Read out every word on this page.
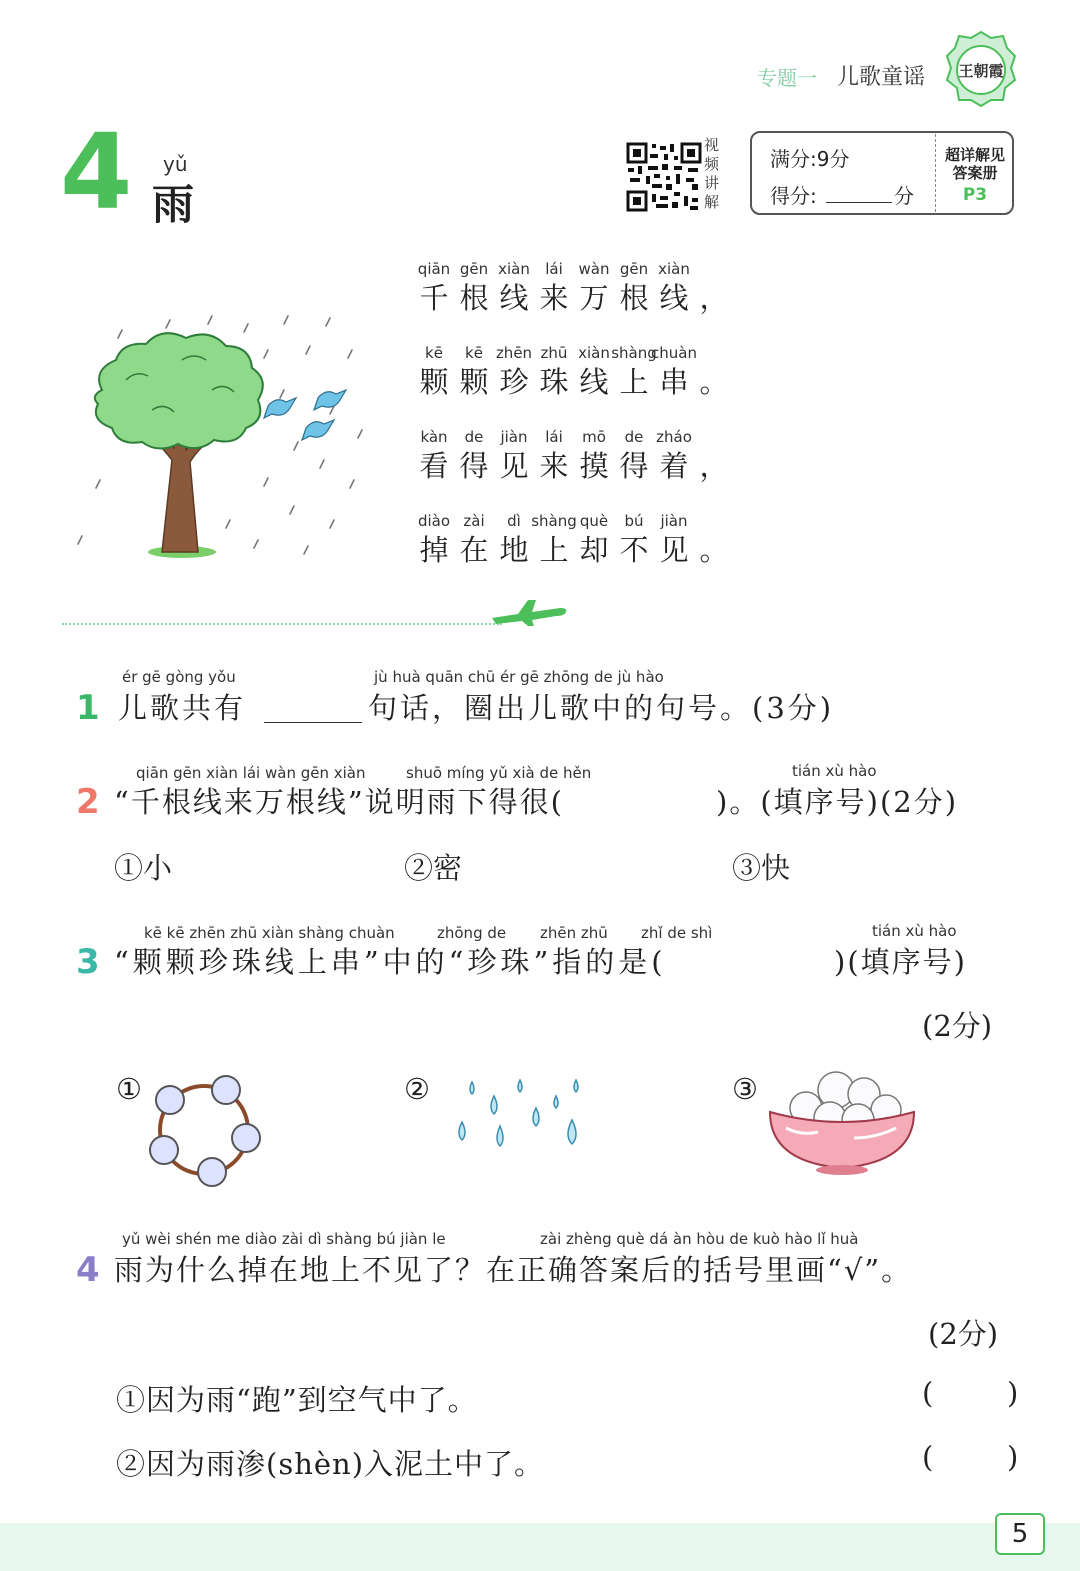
专题一 儿歌童谣 王朝霞
4 yǔ
雨
视
频
讲
解
满分:9分
得分:	分
超详解见
答案册
P3
qiān
千
gēn
根
xiàn
线
lái
来
wàn
万
gēn
根
xiàn
线 ，
kē
颗
kē
颗
zhēn
珍
zhū
珠
xiàn
线
shàng
上
chuàn
串 。
kàn
看
de
得
jiàn
见
lái
来
mō
摸
de
得
zháo
着 ，
diào
掉
zài
在
dì
地
shàng
上
què
却
bú
不
jiàn
见 。
1
ér gē gòng yǒu
儿歌共有
jù huà quān chū ér gē zhōng de jù hào
句话，圈出儿歌中的句号。(3分)
2
qiān gēn xiàn lái wàn gēn xiàn	shuō míng yǔ xià de hěn	tián xù hào
“千根线来万根线”说明雨下得很(	)。(填序号)(2分)
①小	②密	③快
3
kē kē zhēn zhū xiàn shàng chuàn	zhōng de zhēn zhū zhǐ de shì	tián xù hào
“颗颗珍珠线上串”中的“珍珠”指的是(	)(填序号)
(2分)
①	②	③
4
yǔ wèi shén me diào zài dì shàng bú jiàn le	zài zhèng què dá àn hòu de kuò hào lǐ huà
雨为什么掉在地上不见了？在正确答案后的括号里画“√”。
(2分)
①因为雨“跑”到空气中了。	(        )
②因为雨渗(shèn)入泥土中了。	(        )
5
